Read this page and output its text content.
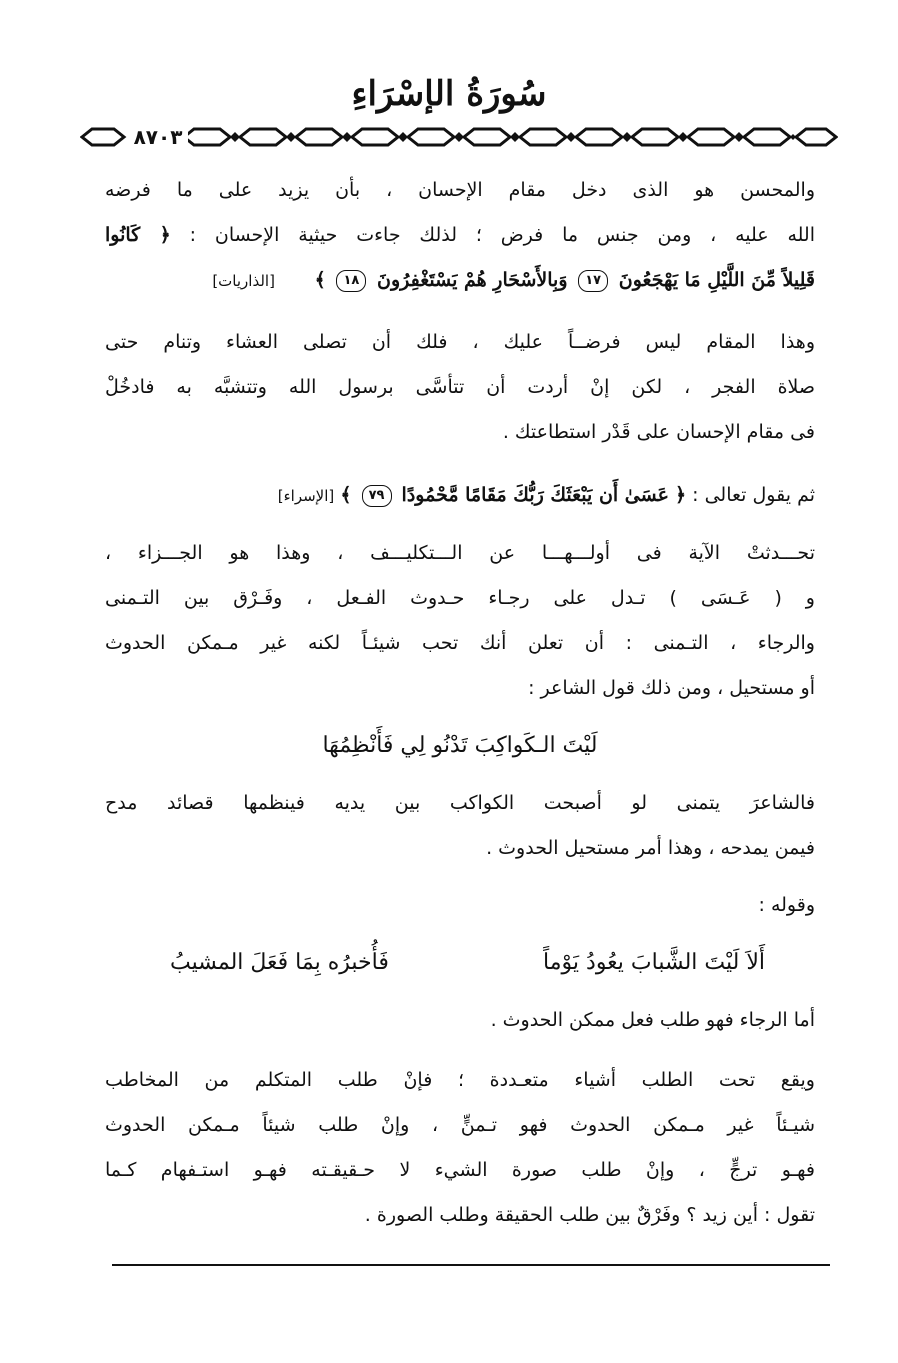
سُورَةُ الإسْرَاءِ
٨٧٠٣
والمحسن هو الذى دخل مقام الإحسان ، بأن يزيد على ما فرضه
الله عليه ، ومن جنس ما فرض ؛ لذلك جاءت حيثية الإحسان : ﴿ كَانُوا
قَلِيلاً مِّنَ اللَّيْلِ مَا يَهْجَعُونَ ١٧ وَبِالأَسْحَارِ هُمْ يَسْتَغْفِرُونَ ١٨ ﴾      [الذاريات]
وهذا المقام ليس فرضــاً عليك ، فلك أن تصلى العشاء وتنام حتى
صلاة الفجر ، لكن إنْ أردت أن تتأسَّى برسول الله وتتشبَّه به فادخُلْ
فى مقام الإحسان على قَدْر استطاعتك .
ثم يقول تعالى : ﴿ عَسَىٰ أَن يَبْعَثَكَ رَبُّكَ مَقَامًا مَّحْمُودًا ٧٩ ﴾ [الإسراء]
تحـــدثتْ الآية فى أولـــهـــا عن الـــتكليـــف ، وهذا هو الجـــزاء ،
و ( عَـسَى ) تـدل على رجـاء حـدوث الفـعل ، وفَـرْق بين التـمنى
والرجاء ، التـمنى : أن تعلن أنك تحب شيئـاً لكنه غير مـمكن الحدوث
أو مستحيل ، ومن ذلك قول الشاعر :
لَيْتَ الـكَواكِبَ تَدْنُو لِي فَأَنْظِمُهَا
فالشاعرَ يتمنى لو أصبحت الكواكب بين يديه فينظمها قصائد مدح
فيمن يمدحه ، وهذا أمر مستحيل الحدوث .
وقوله :
أَلاَ لَيْتَ الشَّبابَ يعُودُ يَوْماً
فَأُخبرُه بِمَا فَعَلَ المشيبُ
أما الرجاء فهو طلب فعل ممكن الحدوث .
ويقع تحت الطلب أشياء متعـددة ؛ فإنْ طلب المتكلم من المخاطب
شيـئاً غير مـمكن الحدوث فهو تـمنٍّ ، وإنْ طلب شيئاً مـمكن الحدوث
فهـو ترجٍّ ، وإنْ طلب صورة الشيء لا حـقيقـته فهـو استـفهام كـما
تقول : أين زيد ؟ وفَرْقٌ بين طلب الحقيقة وطلب الصورة .
